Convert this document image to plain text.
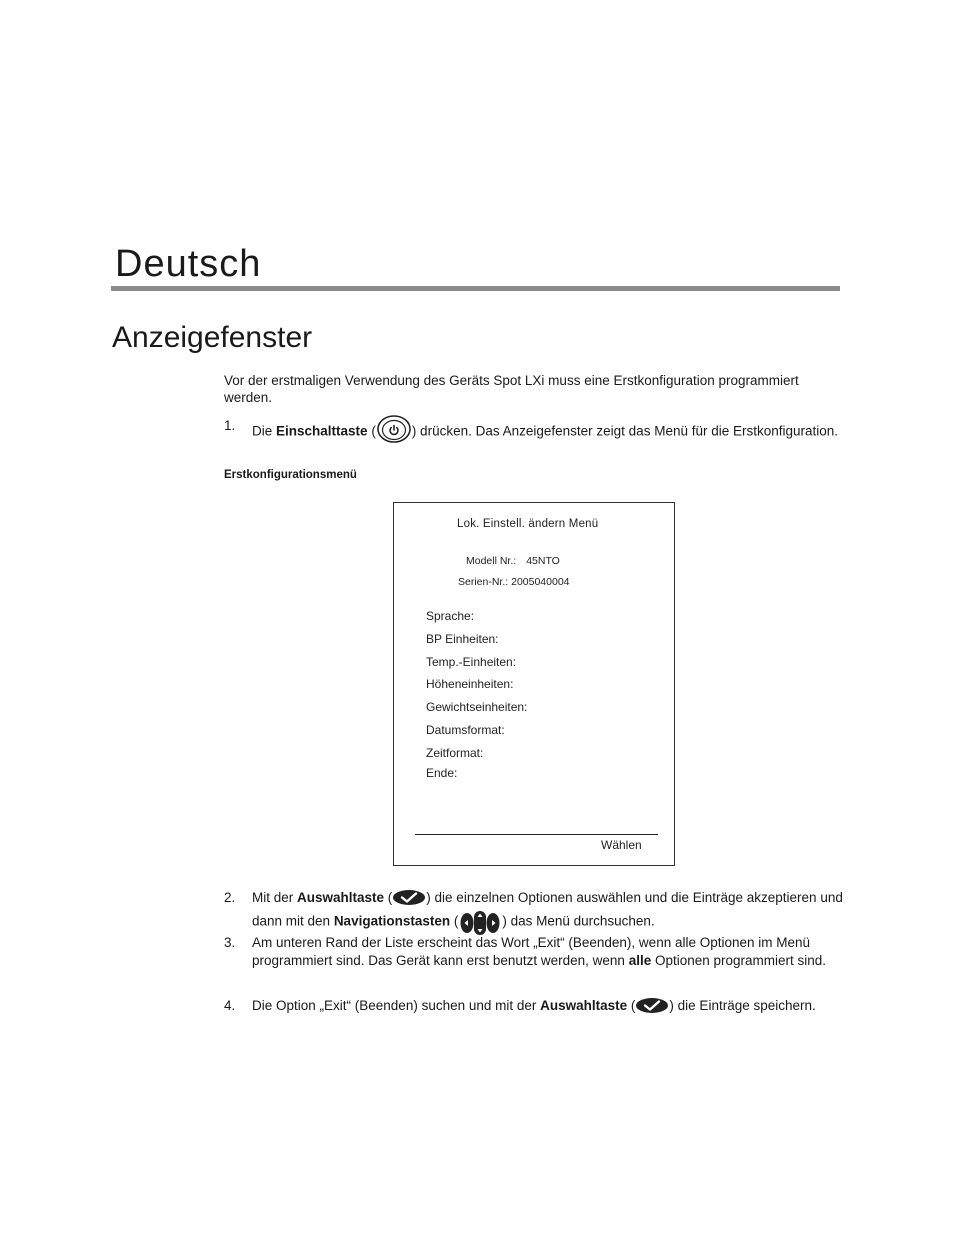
Deutsch
Anzeigefenster
Vor der erstmaligen Verwendung des Geräts Spot LXi muss eine Erstkonfiguration programmiert werden.
1. Die Einschalttaste (	) drücken. Das Anzeigefenster zeigt das Menü für die Erstkonfiguration.
Erstkonfigurationsmenü
Lok. Einstell. ändern Menü
Modell Nr.: 45NTO
Serien-Nr.: 2005040004
Sprache:
BP Einheiten:
Temp.-Einheiten:
Höheneinheiten:
Gewichtseinheiten:
Datumsformat:
Zeitformat:
Ende:
Wählen
2. Mit der Auswahltaste (	) die einzelnen Optionen auswählen und die Einträge akzeptieren und dann mit den Navigationstasten (	) das Menü durchsuchen.
3. Am unteren Rand der Liste erscheint das Wort „Exit“ (Beenden), wenn alle Optionen im Menü programmiert sind. Das Gerät kann erst benutzt werden, wenn alle Optionen programmiert sind.
4. Die Option „Exit“ (Beenden) suchen und mit der Auswahltaste (	) die Einträge speichern.
